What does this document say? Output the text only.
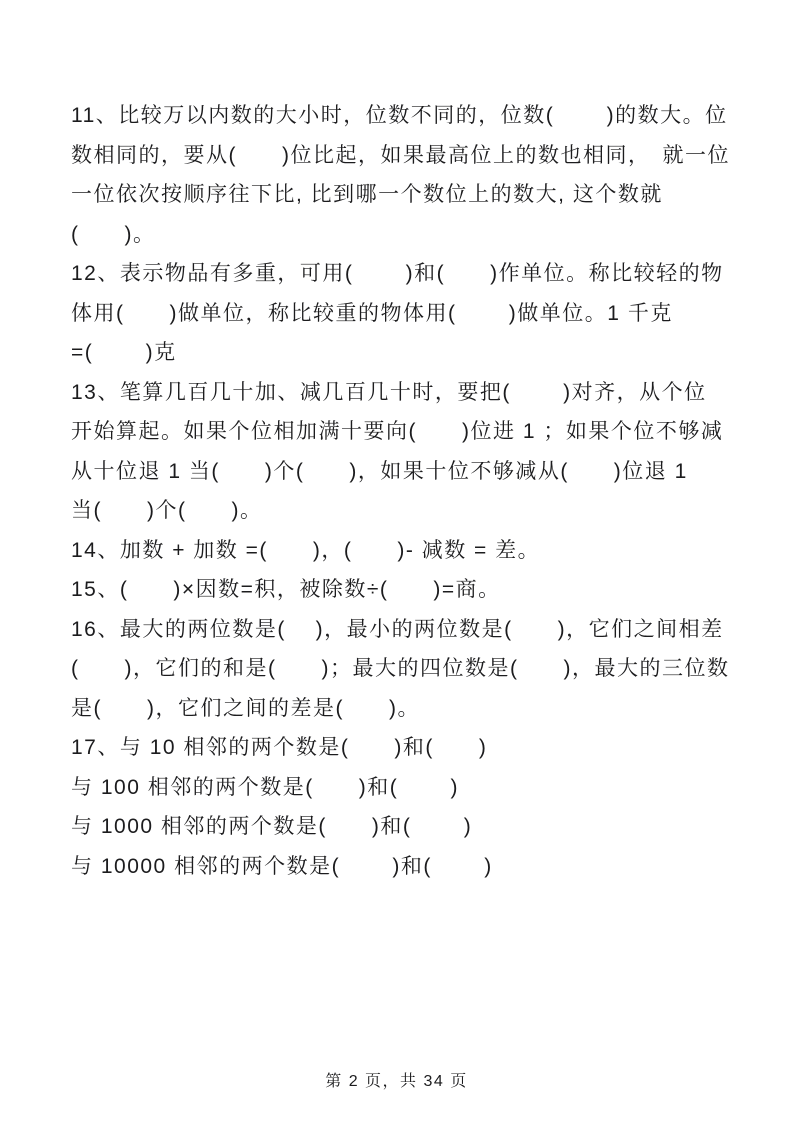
11、比较万以内数的大小时，位数不同的，位数(　　 )的数大。位
数相同的，要从(　　)位比起，如果最高位上的数也相同，　就一位
一位依次按顺序往下比, 比到哪一个数位上的数大, 这个数就(　　)。
12、表示物品有多重，可用(　　 )和(　　)作单位。称比较轻的物
体用(　　)做单位，称比较重的物体用(　　 )做单位。1 千克
=(　　 )克
13、笔算几百几十加、减几百几十时，要把(　　 )对齐，从个位
开始算起。如果个位相加满十要向(　　)位进 1 ；如果个位不够减
从十位退 1 当(　　)个(　　)，如果十位不够减从(　　)位退 1
当(　　)个(　　)。
14、加数 + 加数 =(　　)，(　　)- 减数 = 差。
15、(　　)×因数=积，被除数÷(　　)=商。
16、最大的两位数是(　 )，最小的两位数是(　　)，它们之间相差
(　　)，它们的和是(　　)；最大的四位数是(　　)，最大的三位数
是(　　)，它们之间的差是(　　)。
17、与 10 相邻的两个数是(　　)和(　　)
与 100 相邻的两个数是(　　)和(　　 )
与 1000 相邻的两个数是(　　)和(　　 )
与 10000 相邻的两个数是(　　 )和(　　 )
第 2 页，共 34 页
